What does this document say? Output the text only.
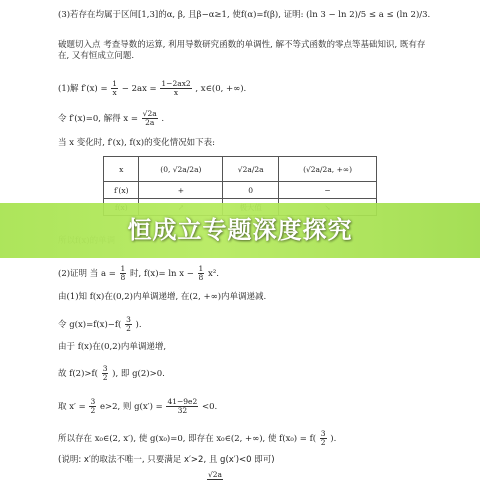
(3)若存在均属于区间[1,3]的α, β, 且β−α≥1, 使f(α)=f(β), 证明: (ln 3 − ln 2)/5 ≤ a ≤ (ln 2)/3.
破题切入点 考查导数的运算, 利用导数研究函数的单调性, 解不等式函数的零点等基础知识, 既有存在, 又有恒成立问题.
(1)解 $f'(x) = \frac{1}{x} - 2ax = \frac{1-2ax2}{x}$ , x∈(0, +∞).
令 f′(x)=0, 解得 $x = \frac{√2a}{2a}$ .
当 x 变化时, f′(x), f(x)的变化情况如下表:
x	(0, √2a/2a)	√2a/2a	(√2a/2a, +∞)
f′(x)	+	0	−

(2)证明 当 $a = \frac{1}{8}$ 时, $f(x)= \ln x - \frac{1}{8} x^2$.
由(1)知 f(x)在(0,2)内单调递增, 在(2, +∞)内单调递减.
令 $g(x)=f(x)-f( \frac{3}{2}$ ).
由于 f(x)在(0,2)内单调递增,
故 $f(2)>f( \frac{3}{2}$ ), 即 g(2)>0.
取 $x' = \frac{3}{2} e>2$, 则 $g(x') = \frac{41-9e2}{32} <0$.
所以存在 x₀∈(2, x′), 使 g(x₀)=0, 即存在 x₀∈(2, +∞), 使 $f(x_0) = f( \frac{3}{2}$ ).
(说明: x′的取法不唯一, 只要满足 x′>2, 且 g(x′)<0 即可)
√2a
恒成立专题深度探究
